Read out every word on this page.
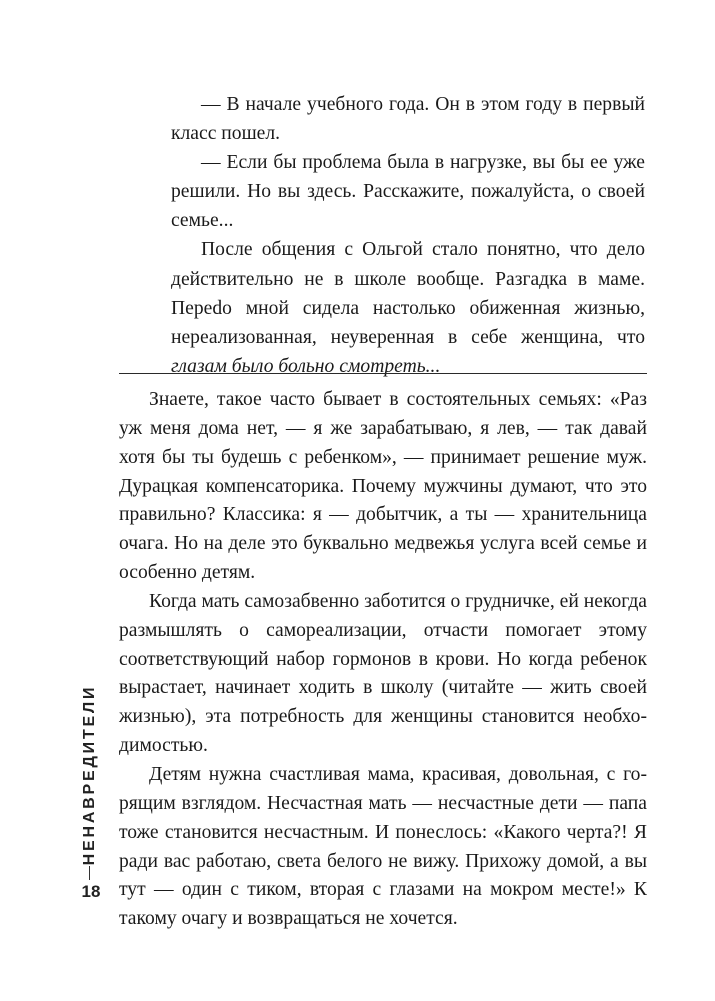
— В начале учебного года. Он в этом году в первый класс пошел.

— Если бы проблема была в нагрузке, вы бы ее уже решили. Но вы здесь. Расскажите, пожалуйста, о своей семье...

После общения с Ольгой стало понятно, что дело действительно не в школе вообще. Разгадка в маме. Переdо мной сидела настолько обиженная жизнью, нереализованная, неуверенная в себе женщина, что глазам было больно смотреть...

Знаете, такое часто бывает в состоятельных семьях: «Раз уж меня дома нет, — я же зарабатываю, я лев, — так давай хотя бы ты будешь с ребенком», — принимает решение муж. Дурацкая компенсаторика. Почему мужчины думают, что это правильно? Классика: я — добытчик, а ты — хранительница очага. Но на деле это буквально медвежья услуга всей семье и особенно детям.

Когда мать самозабвенно заботится о грудничке, ей некогда размышлять о самореализации, отчасти помогает этому соответствующий набор гормонов в крови. Но когда ребенок вырастает, начинает ходить в школу (читайте — жить своей жизнью), эта потребность для женщины становится необходимостью.

Детям нужна счастливая мама, красивая, довольная, с горящим взглядом. Несчастная мать — несчастные дети — папа тоже становится несчастным. И понеслось: «Какого черта?! Я ради вас работаю, света белого не вижу. Прихожу домой, а вы тут — один с тиком, вторая с глазами на мокром месте!» К такому очагу и возвращаться не хочется.

НЕНАВРЕДИТЕЛИ
18
